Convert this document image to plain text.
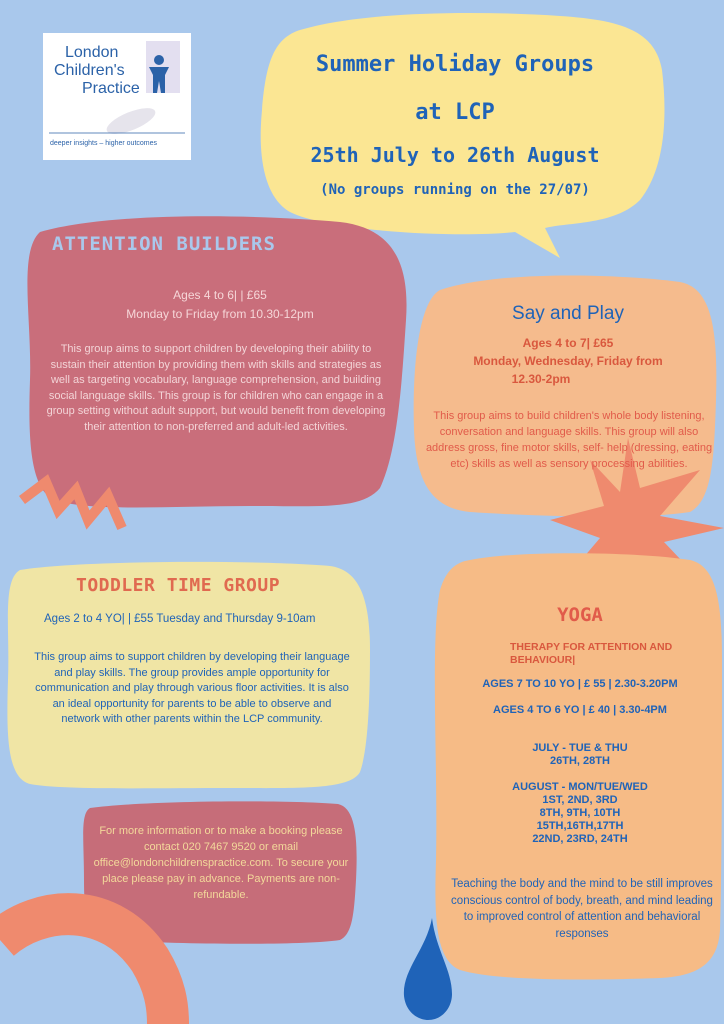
London
Children's
Practice
deeper insights – higher outcomes
Summer Holiday Groups
at LCP
25th July to 26th August
(No groups running on the 27/07)
ATTENTION BUILDERS

Ages 4 to 6| | £65

Monday to Friday from 10.30-12pm

This group aims to support children by developing their ability to sustain their attention by providing them with skills and strategies as well as targeting vocabulary, language comprehension, and building social language skills. This group is for children who can engage in a group setting without adult support, but would benefit from developing their attention to non-preferred and adult-led activities.
Say and Play

Ages 4 to 7| £65

Monday, Wednesday, Friday from

12.30-2pm

This group aims to build children's whole body listening, conversation and language skills. This group will also address gross, fine motor skills, self- help (dressing, eating etc) skills as well as sensory processing abilities.
TODDLER TIME GROUP
Ages 2 to 4 YO| | £55 Tuesday and Thursday 9-10am
This group aims to support children by developing their language and play skills. The group provides ample opportunity for communication and play through various floor activities. It is also an ideal opportunity for parents to be able to observe and network with other parents within the LCP community.
YOGA
THERAPY FOR ATTENTION AND BEHAVIOUR|
AGES 7 TO 10 YO | £ 55 | 2.30-3.20PM
AGES 4 TO 6 YO | £ 40 | 3.30-4PM

JULY - TUE & THU

26TH, 28TH

AUGUST - MON/TUE/WED

1ST, 2ND, 3RD

8TH, 9TH, 10TH

15TH,16TH,17TH

22ND, 23RD, 24TH

Teaching the body and the mind to be still improves conscious control of body, breath, and mind leading to improved control of attention and behavioral responses
For more information or to make a booking please contact 020 7467 9520 or email office@londonchildrenspractice.com. To secure your place please pay in advance. Payments are non-refundable.
